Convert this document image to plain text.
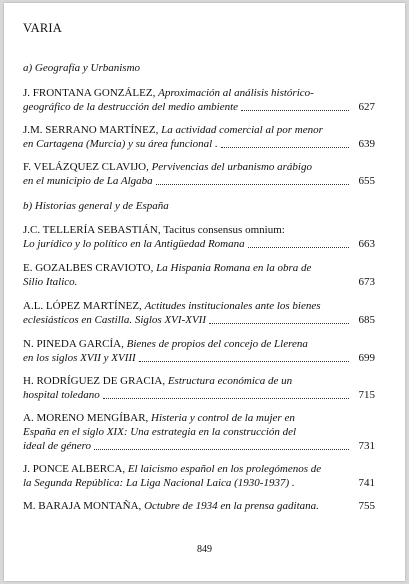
VARIA
a) Geografía y Urbanismo
J. FRONTANA GONZÁLEZ,
Aproximación al análisis histórico-
geográfico de la destrucción del medio ambiente	627
J.M. SERRANO MARTÍNEZ,
La actividad comercial al por menor
en Cartagena (Murcia) y su área funcional .	639
F. VELÁZQUEZ CLAVIJO,
Pervivencias del urbanismo arábigo
en el municipio de La Algaba	655
b) Historias general y de España
J.C. TELLERÍA SEBASTIÁN,
Tacitus consensus omnium:
Lo jurídico y lo político en la Antigüedad Romana	663
E. GOZALBES CRAVIOTO,
La Hispania Romana en la obra de
Silio Italico.	673
A.L. LÓPEZ MARTÍNEZ,
Actitudes institucionales ante los bienes
eclesiásticos en Castilla. Siglos XVI-XVII	685
N. PINEDA GARCÍA,
Bienes de propios del concejo de Llerena
en los siglos XVII y XVIII	699
H. RODRÍGUEZ DE GRACIA,
Estructura económica de un
hospital toledano	715
A. MORENO MENGÍBAR,
Histeria y control de la mujer en
España en el siglo XIX: Una estrategia en la construcción del
ideal de género	731
J. PONCE ALBERCA,
El laicismo español en los prolegómenos de
la Segunda República: La Liga Nacional Laica (1930-1937) .	741
M. BARAJA MONTAÑA,
Octubre de 1934 en la prensa gaditana.	755
849
